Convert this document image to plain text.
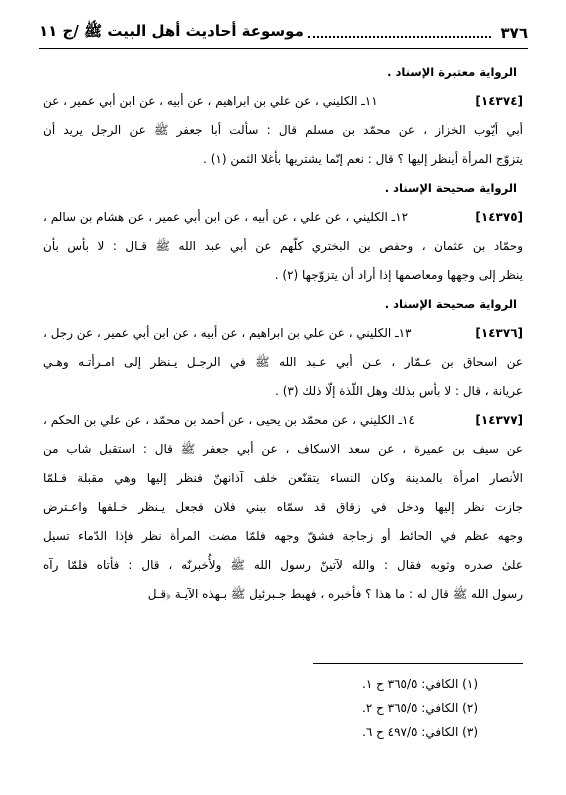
٣٧٦
موسوعة أحاديث أهل البيت ﷺ /ج ١١
الرواية معتبرة الإسناد .
[١٤٣٧٤]
١١ـ الكليني ، عن علي بن ابراهيم ، عن أبيه ، عن ابن أبي عمير ، عن
أبي أيّوب الخزاز ، عن محمّد بن مسلم قال : سألت أبا جعفر ﷺ عن الرجل يريد أن
يتزوّج المرأة أينظر إليها ؟ قال : نعم إنّما يشتريها بأغلا الثمن (١) .
الرواية صحيحة الإسناد .
[١٤٣٧٥]
١٢ـ الكليني ، عن علي ، عن أبيه ، عن ابن أبي عمير ، عن هشام بن سالم ،
وحمّاد بن عثمان ، وحفص بن البختري كلّهم عن أبي عبد الله ﷺ قـال : لا بأس بأن
ينظر إلى وجهها ومعاصمها إذا أراد أن يتزوّجها (٢) .
الرواية صحيحة الإسناد .
[١٤٣٧٦]
١٣ـ الكليني ، عن علي بن ابراهيم ، عن أبيه ، عن ابن أبي عمير ، عن رجل ،
عن اسحاق بن عـمّار ، عـن أبي عـبد الله ﷺ في الرجـل يـنظر إلى امـرأتـه وهـي
عريانة ، قال : لا بأس بذلك وهل اللّذة إلّا ذلك (٣) .
[١٤٣٧٧]
١٤ـ الكليني ، عن محمّد بن يحيى ، عن أحمد بن محمّد ، عن علي بن الحكم ،
عن سيف بن عميرة ، عن سعد الاسكاف ، عن أبي جعفر ﷺ قال : استقبل شاب من
الأنصار امرأة بالمدينة وكان النساء يتقنّعن خلف آذانهنّ فنظر إليها وهي مقبلة فـلمّا
جازت نظر إليها ودخل في زقاق قد سمّاه ببني فلان فجعل يـنظر خـلفها واعـترض
وجهه عظم في الحائط أو زجاجة فشقّ وجهه فلمّا مضت المرأة نظر فإذا الدّماء تسيل
علىٰ صدره وثوبه فقال : والله لآتينّ رسول الله ﷺ ولأُخبرنّه ، قال : فأتاه فلمّا رآه
رسول الله ﷺ قال له : ما هذا ؟ فأخبره ، فهبط جـبرئيل ﷺ بـهذه الآيـة ﴿قـل
(١) الكافي: ٣٦٥/٥ ح ١.
(٢) الكافي: ٣٦٥/٥ ح ٢.
(٣) الكافي: ٤٩٧/٥ ح ٦.
